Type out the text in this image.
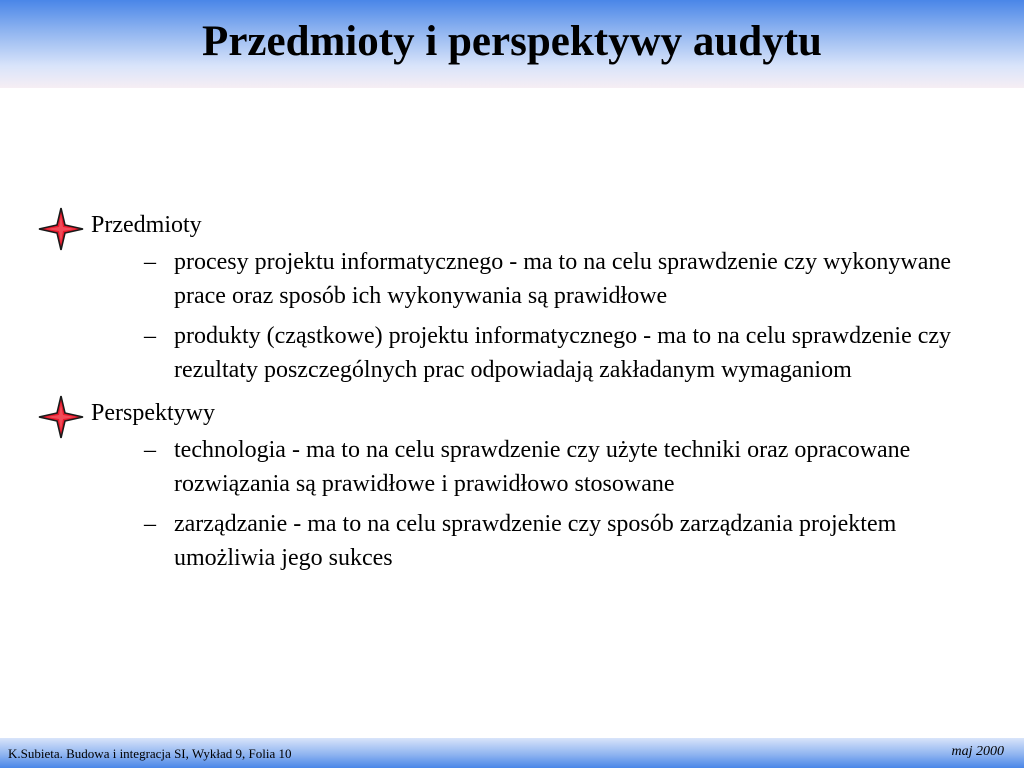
Przedmioty i perspektywy audytu
Przedmioty
– procesy projektu informatycznego - ma to na celu sprawdzenie czy wykonywane prace oraz sposób ich wykonywania są prawidłowe
– produkty (cząstkowe) projektu informatycznego - ma to na celu sprawdzenie czy rezultaty poszczególnych prac odpowiadają zakładanym wymaganiom
Perspektywy
– technologia - ma to na celu sprawdzenie czy użyte techniki oraz opracowane rozwiązania są prawidłowe i prawidłowo stosowane
– zarządzanie - ma to na celu sprawdzenie czy sposób zarządzania projektem umożliwia jego sukces
K.Subieta. Budowa i integracja SI, Wykład 9, Folia 10	maj 2000
